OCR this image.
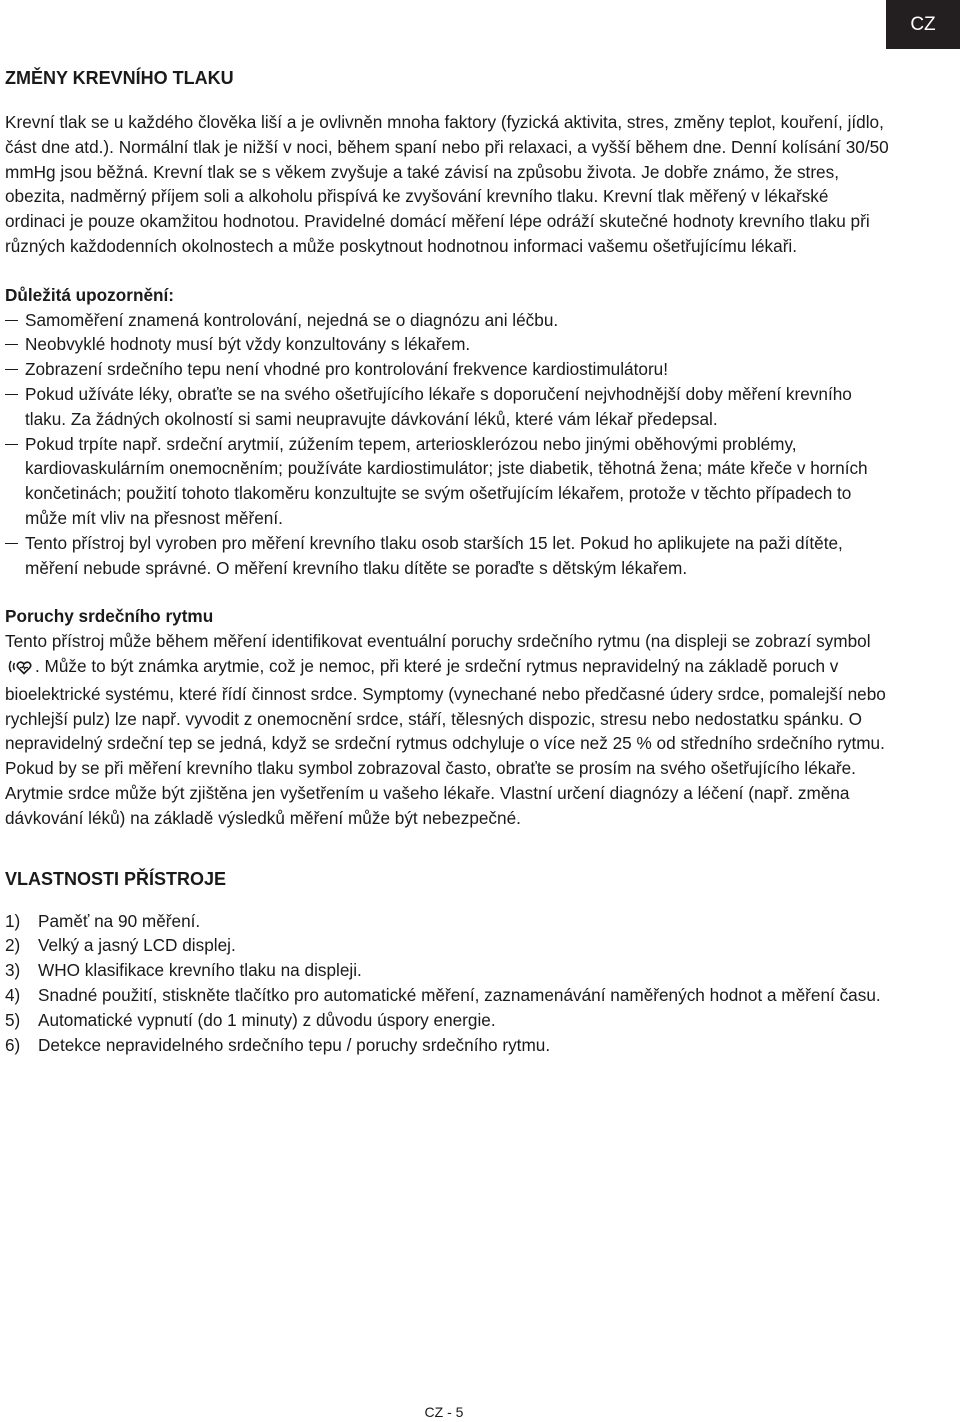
CZ
ZMĚNY KREVNÍHO TLAKU

Krevní tlak se u každého člověka liší a je ovlivněn mnoha faktory (fyzická aktivita, stres, změny teplot, kouření, jídlo, část dne atd.). Normální tlak je nižší v noci, během spaní nebo při relaxaci, a vyšší během dne. Denní kolísání 30/50 mmHg jsou běžná. Krevní tlak se s věkem zvyšuje a také závisí na způsobu života. Je dobře známo, že stres, obezita, nadměrný příjem soli a alkoholu přispívá ke zvyšování krevního tlaku. Krevní tlak měřený v lékařské ordinaci je pouze okamžitou hodnotou. Pravidelné domácí měření lépe odráží skutečné hodnoty krevního tlaku při různých každodenních okolnostech a může poskytnout hodnotnou informaci vašemu ošetřujícímu lékaři.

Důležitá upozornění:

Samoměření znamená kontrolování, nejedná se o diagnózu ani léčbu.
Neobvyklé hodnoty musí být vždy konzultovány s lékařem.
Zobrazení srdečního tepu není vhodné pro kontrolování frekvence kardiostimulátoru!
Pokud užíváte léky, obraťte se na svého ošetřujícího lékaře s doporučení nejvhodnější doby měření krevního tlaku. Za žádných okolností si sami neupravujte dávkování léků, které vám lékař předepsal.
Pokud trpíte např. srdeční arytmií, zúžením tepem, arteriosklerózou nebo jinými oběhovými problémy, kardiovaskulárním onemocněním; používáte kardiostimulátor; jste diabetik, těhotná žena; máte křeče v horních končetinách; použití tohoto tlakoměru konzultujte se svým ošetřujícím lékařem, protože v těchto případech to může mít vliv na přesnost měření.
Tento přístroj byl vyroben pro měření krevního tlaku osob starších 15 let. Pokud ho aplikujete na paži dítěte, měření nebude správné. O měření krevního tlaku dítěte se poraďte s dětským lékařem.

Poruchy srdečního rytmu

Tento přístroj může během měření identifikovat eventuální poruchy srdečního rytmu (na displeji se zobrazí symbol . Může to být známka arytmie, což je nemoc, při které je srdeční rytmus nepravidelný na základě poruch v bioelektrické systému, které řídí činnost srdce. Symptomy (vynechané nebo předčasné údery srdce, pomalejší nebo rychlejší pulz) lze např. vyvodit z onemocnění srdce, stáří, tělesných dispozic, stresu nebo nedostatku spánku. O nepravidelný srdeční tep se jedná, když se srdeční rytmus odchyluje o více než 25 % od středního srdečního rytmu. Pokud by se při měření krevního tlaku symbol zobrazoval často, obraťte se prosím na svého ošetřujícího lékaře. Arytmie srdce může být zjištěna jen vyšetřením u vašeho lékaře. Vlastní určení diagnózy a léčení (např. změna dávkování léků) na základě výsledků měření může být nebezpečné.

VLASTNOSTI PŘÍSTROJE
1) Paměť na 90 měření.
2) Velký a jasný LCD displej.
3) WHO klasifikace krevního tlaku na displeji.
4) Snadné použití, stiskněte tlačítko pro automatické měření, zaznamenávání naměřených hodnot a měření času.
5) Automatické vypnutí (do 1 minuty) z důvodu úspory energie.
6) Detekce nepravidelného srdečního tepu / poruchy srdečního rytmu.
CZ - 5
